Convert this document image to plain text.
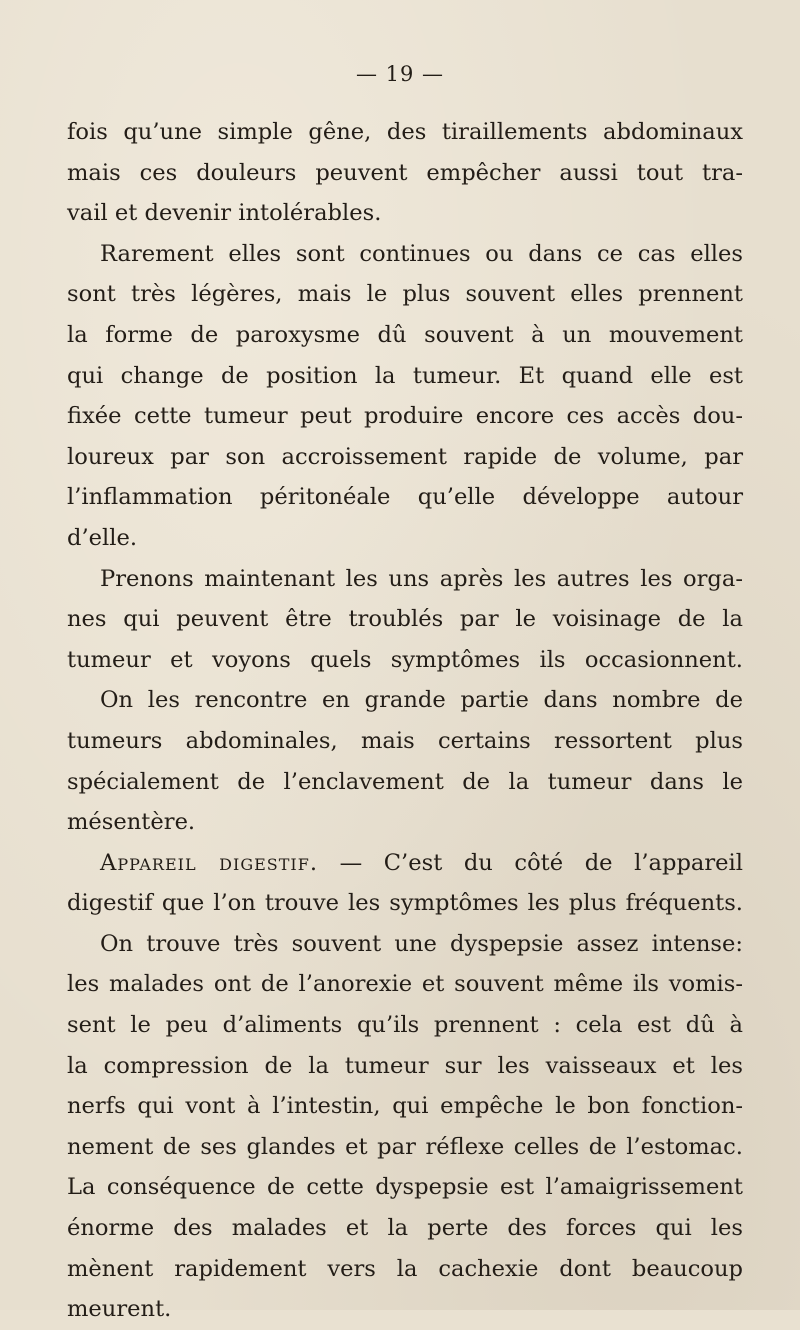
— 19 —
fois qu’une simple gêne, des tiraillements abdominaux
mais ces douleurs peuvent empêcher aussi tout tra-
vail et devenir intolérables.
Rarement elles sont continues ou dans ce cas elles
sont très légères, mais le plus souvent elles prennent
la forme de paroxysme dû souvent à un mouvement
qui change de position la tumeur. Et quand elle est
fixée cette tumeur peut produire encore ces accès dou-
loureux par son accroissement rapide de volume, par
l’inflammation péritonéale qu’elle développe autour
d’elle.
Prenons maintenant les uns après les autres les orga-
nes qui peuvent être troublés par le voisinage de la
tumeur et voyons quels symptômes ils occasionnent.
On les rencontre en grande partie dans nombre de
tumeurs abdominales, mais certains ressortent plus
spécialement de l’enclavement de la tumeur dans le
mésentère.
Appareil digestif. — C’est du côté de l’appareil
digestif que l’on trouve les symptômes les plus fréquents.
On trouve très souvent une dyspepsie assez intense:
les malades ont de l’anorexie et souvent même ils vomis-
sent le peu d’aliments qu’ils prennent : cela est dû à
la compression de la tumeur sur les vaisseaux et les
nerfs qui vont à l’intestin, qui empêche le bon fonction-
nement de ses glandes et par réflexe celles de l’estomac.
La conséquence de cette dyspepsie est l’amaigrissement
énorme des malades et la perte des forces qui les
mènent rapidement vers la cachexie dont beaucoup
meurent.
